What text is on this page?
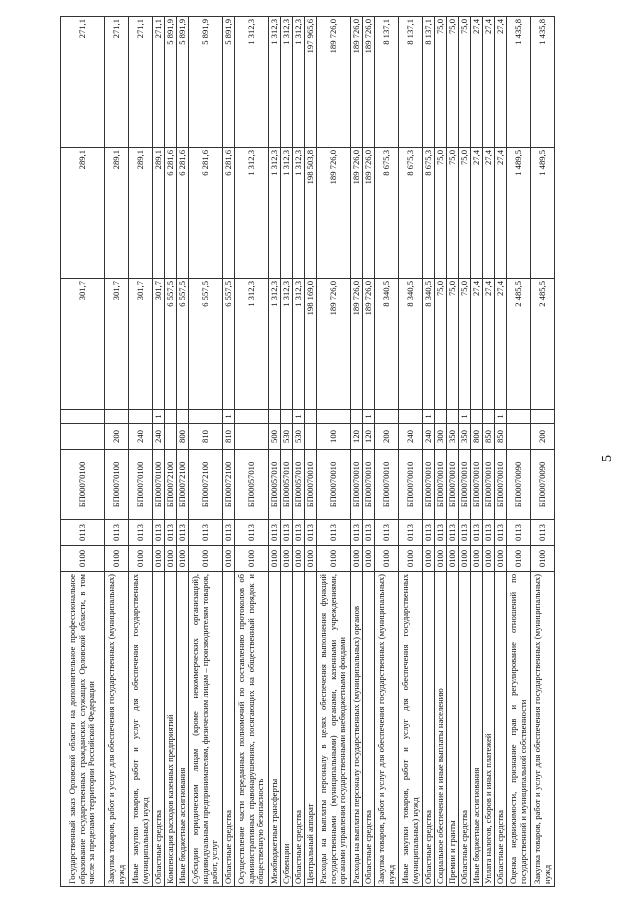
5
Государственный заказ Орловской области на дополнительное профессиональное образование государственных гражданских служащих Орловской области, в том числе за пределами территории Российской Федерации	0100	0113	БП00070100			301,7	289,1	271,1
Закупка товаров, работ и услуг для обеспечения государственных (муниципальных) нужд	0100	0113	БП00070100	200		301,7	289,1	271,1
Иные закупки товаров, работ и услуг для обеспечения государственных (муниципальных) нужд	0100	0113	БП00070100	240		301,7	289,1	271,1
Областные средства	0100	0113	БП00070100	240	1	301,7	289,1	271,1
Компенсация расходов казенных предприятий	0100	0113	БП00072100			6 557,5	6 281,6	5 891,9
Иные бюджетные ассигнования	0100	0113	БП00072100	800		6 557,5	6 281,6	5 891,9
Субсидии юридическим лицам (кроме некоммерческих организаций), индивидуальным предпринимателям, физическим лицам – производителям товаров, работ, услуг	0100	0113	БП00072100	810		6 557,5	6 281,6	5 891,9
Областные средства	0100	0113	БП00072100	810	1	6 557,5	6 281,6	5 891,9
Осуществление части переданных полномочий по составлению протоколов об административных правонарушениях, посягающих на общественный порядок и общественную безопасность	0100	0113	БП00057010			1 312,3	1 312,3	1 312,3
Межбюджетные трансферты	0100	0113	БП00057010	500		1 312,3	1 312,3	1 312,3
Субвенции	0100	0113	БП00057010	530		1 312,3	1 312,3	1 312,3
Областные средства	0100	0113	БП00057010	530	1	1 312,3	1 312,3	1 312,3
Центральный аппарат	0100	0113	БП00070010			198 169,0	198 503,8	197 965,6
Расходы на выплаты персоналу в целях обеспечения выполнения функций государственными (муниципальными) органами, казенными учреждениями, органами управления государственными внебюджетными фондами	0100	0113	БП00070010	100		189 726,0	189 726,0	189 726,0
Расходы на выплаты персоналу государственных (муниципальных) органов	0100	0113	БП00070010	120		189 726,0	189 726,0	189 726,0
Областные средства	0100	0113	БП00070010	120	1	189 726,0	189 726,0	189 726,0
Закупка товаров, работ и услуг для обеспечения государственных (муниципальных) нужд	0100	0113	БП00070010	200		8 340,5	8 675,3	8 137,1
Иные закупки товаров, работ и услуг для обеспечения государственных (муниципальных) нужд	0100	0113	БП00070010	240		8 340,5	8 675,3	8 137,1
Областные средства	0100	0113	БП00070010	240	1	8 340,5	8 675,3	8 137,1
Социальное обеспечение и иные выплаты населению	0100	0113	БП00070010	300		75,0	75,0	75,0
Премии и гранты	0100	0113	БП00070010	350		75,0	75,0	75,0
Областные средства	0100	0113	БП00070010	350	1	75,0	75,0	75,0
Иные бюджетные ассигнования	0100	0113	БП00070010	800		27,4	27,4	27,4
Уплата налогов, сборов и иных платежей	0100	0113	БП00070010	850		27,4	27,4	27,4
Областные средства	0100	0113	БП00070010	850	1	27,4	27,4	27,4
Оценка недвижимости, признание прав и регулирование отношений по государственной и муниципальной собственности	0100	0113	БП00070090			2 485,5	1 489,5	1 435,8
Закупка товаров, работ и услуг для обеспечения государственных (муниципальных) нужд	0100	0113	БП00070090	200		2 485,5	1 489,5	1 435,8
